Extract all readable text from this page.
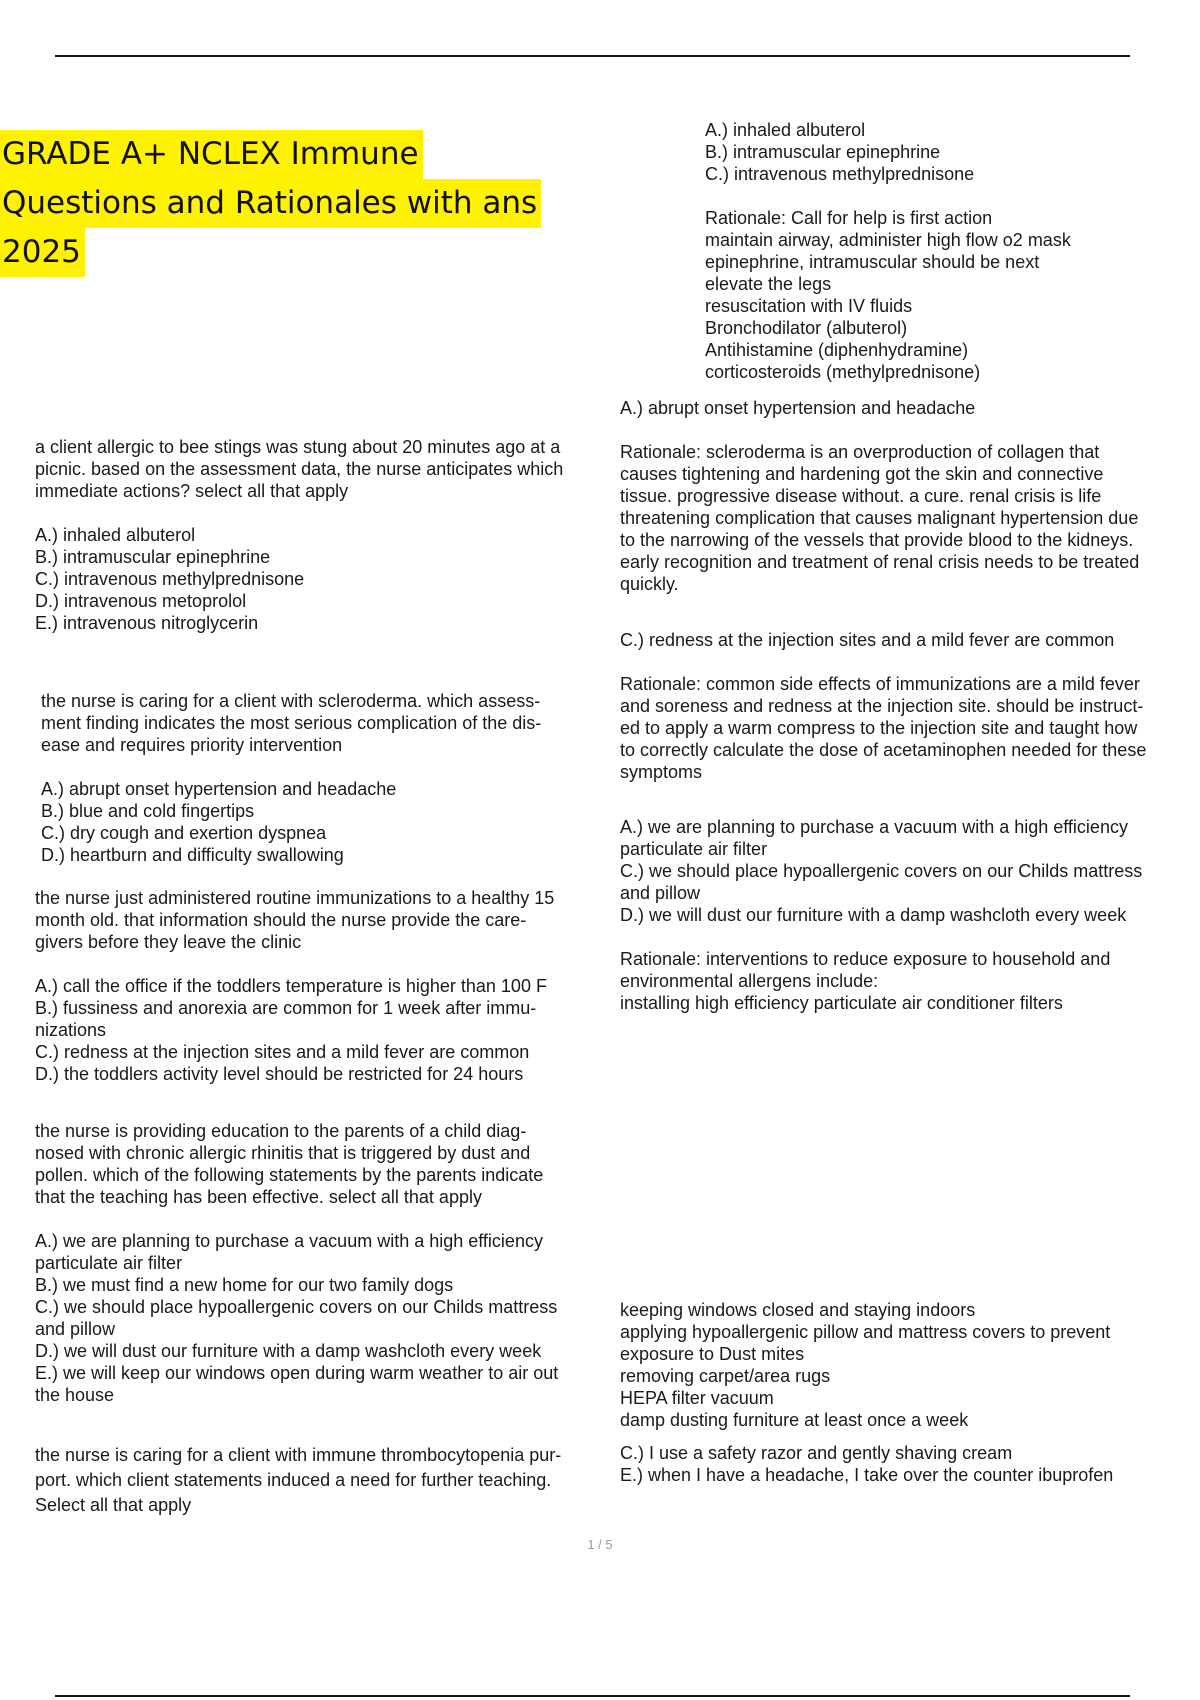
GRADE A+ NCLEX Immune
Questions and Rationales with ans
2025

A.) inhaled albuterol

B.) intramuscular epinephrine

C.) intravenous methylprednisone

Rationale: Call for help is first action

maintain airway, administer high flow o2 mask

epinephrine, intramuscular should be next

elevate the legs

resuscitation with IV fluids

Bronchodilator (albuterol)

Antihistamine (diphenhydramine)

corticosteroids (methylprednisone)

A.) abrupt onset hypertension and headache

Rationale: scleroderma is an overproduction of collagen that

causes tightening and hardening got the skin and connective

tissue. progressive disease without. a cure. renal crisis is life

threatening complication that causes malignant hypertension due

to the narrowing of the vessels that provide blood to the kidneys.

early recognition and treatment of renal crisis needs to be treated

quickly.

C.) redness at the injection sites and a mild fever are common

Rationale: common side effects of immunizations are a mild fever

and soreness and redness at the injection site. should be instruct-

ed to apply a warm compress to the injection site and taught how

to correctly calculate the dose of acetaminophen needed for these

symptoms

A.) we are planning to purchase a vacuum with a high efficiency

particulate air filter

C.) we should place hypoallergenic covers on our Childs mattress

and pillow

D.) we will dust our furniture with a damp washcloth every week

Rationale: interventions to reduce exposure to household and

environmental allergens include:

installing high efficiency particulate air conditioner filters

keeping windows closed and staying indoors

applying hypoallergenic pillow and mattress covers to prevent

exposure to Dust mites

removing carpet/area rugs

HEPA filter vacuum

damp dusting furniture at least once a week

C.) I use a safety razor and gently shaving cream

E.) when I have a headache, I take over the counter ibuprofen

a client allergic to bee stings was stung about 20 minutes ago at a

picnic. based on the assessment data, the nurse anticipates which

immediate actions? select all that apply

A.) inhaled albuterol

B.) intramuscular epinephrine

C.) intravenous methylprednisone

D.) intravenous metoprolol

E.) intravenous nitroglycerin

the nurse is caring for a client with scleroderma. which assess-

ment finding indicates the most serious complication of the dis-

ease and requires priority intervention

A.) abrupt onset hypertension and headache

B.) blue and cold fingertips

C.) dry cough and exertion dyspnea

D.) heartburn and difficulty swallowing

the nurse just administered routine immunizations to a healthy 15

month old. that information should the nurse provide the care-

givers before they leave the clinic

A.) call the office if the toddlers temperature is higher than 100 F

B.) fussiness and anorexia are common for 1 week after immu-

nizations

C.) redness at the injection sites and a mild fever are common

D.) the toddlers activity level should be restricted for 24 hours

the nurse is providing education to the parents of a child diag-

nosed with chronic allergic rhinitis that is triggered by dust and

pollen. which of the following statements by the parents indicate

that the teaching has been effective. select all that apply

A.) we are planning to purchase a vacuum with a high efficiency

particulate air filter

B.) we must find a new home for our two family dogs

C.) we should place hypoallergenic covers on our Childs mattress

and pillow

D.) we will dust our furniture with a damp washcloth every week

E.) we will keep our windows open during warm weather to air out

the house

the nurse is caring for a client with immune thrombocytopenia pur-

port. which client statements induced a need for further teaching.

Select all that apply

1 / 5
